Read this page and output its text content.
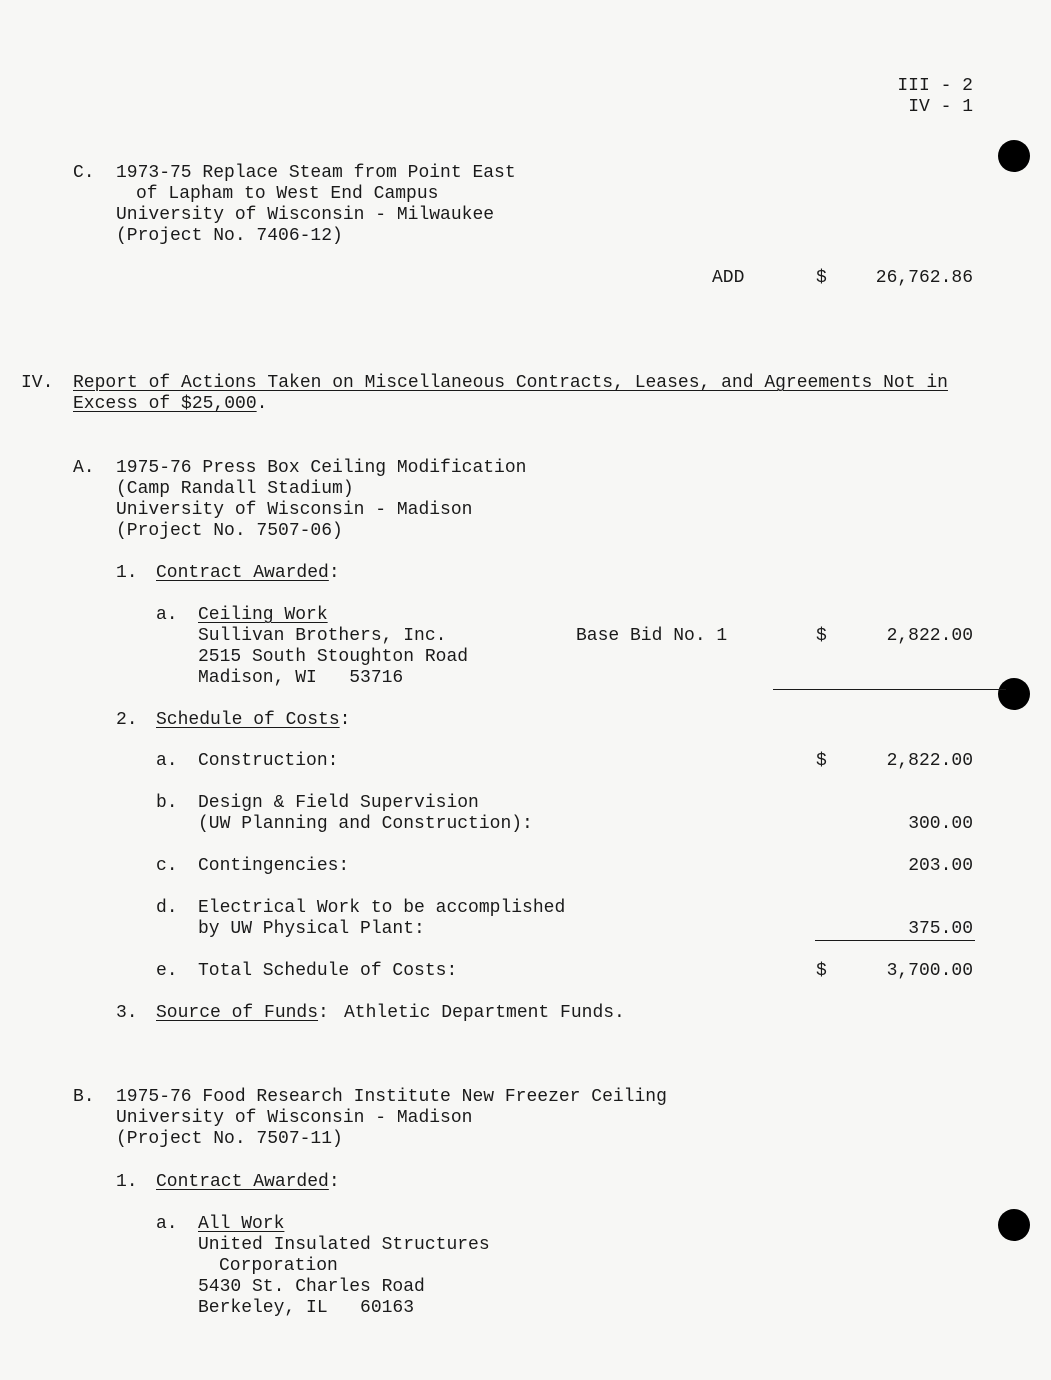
III - 2
IV - 1
C. 1973-75 Replace Steam from Point East
of Lapham to West End Campus
University of Wisconsin - Milwaukee
(Project No. 7406-12)
ADD	$	26,762.86
IV. Report of Actions Taken on Miscellaneous Contracts, Leases, and Agreements Not in
Excess of $25,000.
A. 1975-76 Press Box Ceiling Modification
(Camp Randall Stadium)
University of Wisconsin - Madison
(Project No. 7507-06)
1. Contract Awarded:
a. Ceiling Work
Sullivan Brothers, Inc.
2515 South Stoughton Road
Madison, WI   53716
Base Bid No. 1	$	2,822.00
2. Schedule of Costs:
a. Construction:	$	2,822.00
b. Design & Field Supervision
(UW Planning and Construction):	300.00
c. Contingencies:	203.00
d. Electrical Work to be accomplished
by UW Physical Plant:	375.00
e. Total Schedule of Costs:	$	3,700.00
3. Source of Funds: Athletic Department Funds.
B. 1975-76 Food Research Institute New Freezer Ceiling
University of Wisconsin - Madison
(Project No. 7507-11)
1. Contract Awarded:
a. All Work
United Insulated Structures
Corporation
5430 St. Charles Road
Berkeley, IL   60163
